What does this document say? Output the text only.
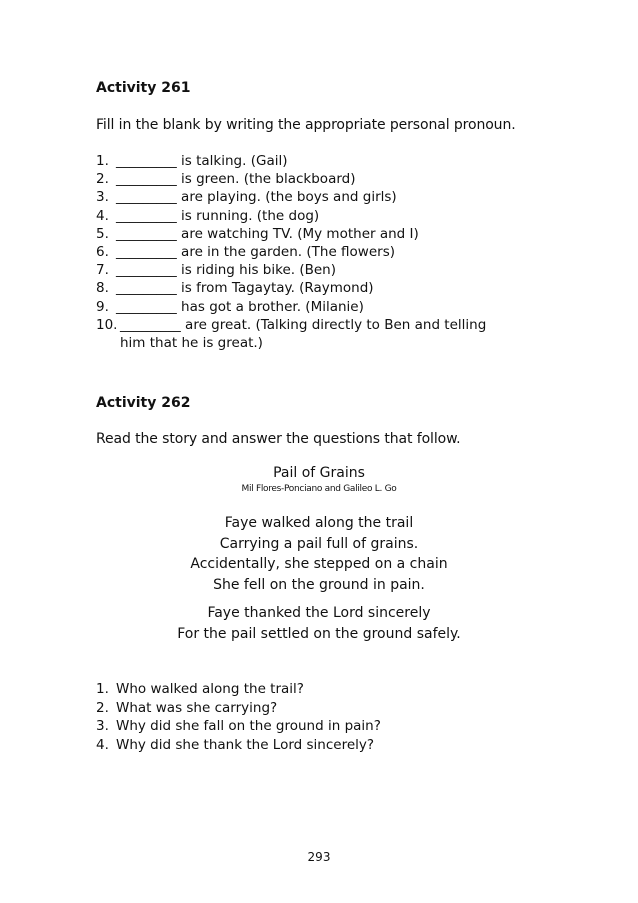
Activity 261
Fill in the blank by writing the appropriate personal pronoun.
1. _________ is talking. (Gail)
2. _________ is green. (the blackboard)
3. _________ are playing. (the boys and girls)
4. _________ is running. (the dog)
5. _________ are watching TV. (My mother and I)
6. _________ are in the garden. (The flowers)
7. _________ is riding his bike. (Ben)
8. _________ is from Tagaytay. (Raymond)
9. _________ has got a brother. (Milanie)
10. _________ are great. (Talking directly to Ben and telling
him that he is great.)
Activity 262
Read the story and answer the questions that follow.
Pail of Grains
Mil Flores-Ponciano and Galileo L. Go
Faye walked along the trail
Carrying a pail full of grains.
Accidentally, she stepped on a chain
She fell on the ground in pain.
Faye thanked the Lord sincerely
For the pail settled on the ground safely.
1. Who walked along the trail?
2. What was she carrying?
3. Why did she fall on the ground in pain?
4. Why did she thank the Lord sincerely?
293
